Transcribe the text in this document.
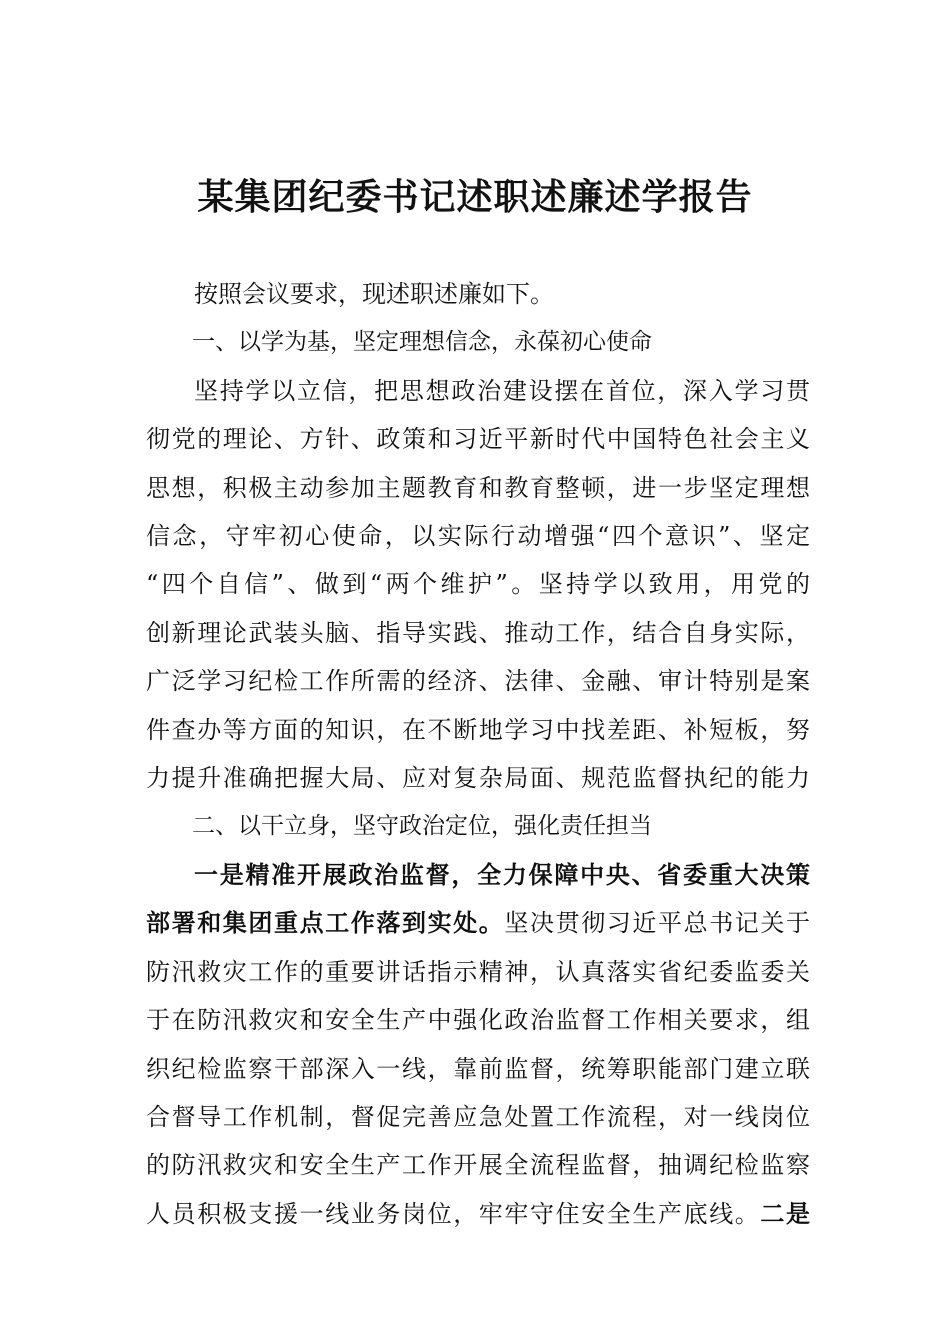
某集团纪委书记述职述廉述学报告
按照会议要求，现述职述廉如下。
一、以学为基，坚定理想信念，永葆初心使命
坚持学以立信，把思想政治建设摆在首位，深入学习贯
彻党的理论、方针、政策和习近平新时代中国特色社会主义
思想，积极主动参加主题教育和教育整顿，进一步坚定理想
信念，守牢初心使命，以实际行动增强“四个意识”、坚定
“四个自信”、做到“两个维护”。坚持学以致用，用党的
创新理论武装头脑、指导实践、推动工作，结合自身实际，
广泛学习纪检工作所需的经济、法律、金融、审计特别是案
件查办等方面的知识，在不断地学习中找差距、补短板，努
力提升准确把握大局、应对复杂局面、规范监督执纪的能力
二、以干立身，坚守政治定位，强化责任担当
一是精准开展政治监督，全力保障中央、省委重大决策
部署和集团重点工作落到实处。坚决贯彻习近平总书记关于
防汛救灾工作的重要讲话指示精神，认真落实省纪委监委关
于在防汛救灾和安全生产中强化政治监督工作相关要求，组
织纪检监察干部深入一线，靠前监督，统筹职能部门建立联
合督导工作机制，督促完善应急处置工作流程，对一线岗位
的防汛救灾和安全生产工作开展全流程监督，抽调纪检监察
人员积极支援一线业务岗位，牢牢守住安全生产底线。二是
